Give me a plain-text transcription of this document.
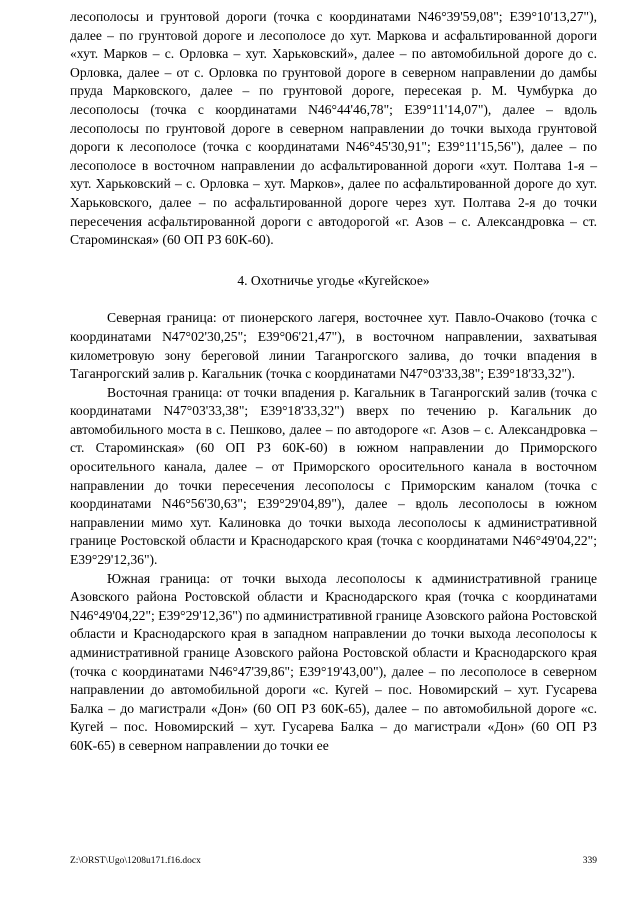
лесополосы и грунтовой дороги (точка с координатами N46°39'59,08"; E39°10'13,27"), далее – по грунтовой дороге и лесополосе до хут. Маркова и асфальтированной дороги «хут. Марков – с. Орловка – хут. Харьковский», далее – по автомобильной дороге до с. Орловка, далее – от с. Орловка по грунтовой дороге в северном направлении до дамбы пруда Марковского, далее – по грунтовой дороге, пересекая р. М. Чумбурка до лесополосы (точка с координатами N46°44'46,78"; E39°11'14,07"), далее – вдоль лесополосы по грунтовой дороге в северном направлении до точки выхода грунтовой дороги к лесополосе (точка с координатами N46°45'30,91"; E39°11'15,56"), далее – по лесополосе в восточном направлении до асфальтированной дороги «хут. Полтава 1-я – хут. Харьковский – с. Орловка – хут. Марков», далее по асфальтированной дороге до хут. Харьковского, далее – по асфальтированной дороге через хут. Полтава 2-я до точки пересечения асфальтированной дороги с автодорогой «г. Азов – с. Александровка – ст. Староминская» (60 ОП РЗ 60К-60).

4. Охотничье угодье «Кугейское»

Северная граница: от пионерского лагеря, восточнее хут. Павло-Очаково (точка с координатами N47°02'30,25"; E39°06'21,47"), в восточном направлении, захватывая километровую зону береговой линии Таганрогского залива, до точки впадения в Таганрогский залив р. Кагальник (точка с координатами N47°03'33,38"; E39°18'33,32").

Восточная граница: от точки впадения р. Кагальник в Таганрогский залив (точка с координатами N47°03'33,38"; E39°18'33,32") вверх по течению р. Кагальник до автомобильного моста в с. Пешково, далее – по автодороге «г. Азов – с. Александровка – ст. Староминская» (60 ОП РЗ 60К-60) в южном направлении до Приморского оросительного канала, далее – от Приморского оросительного канала в восточном направлении до точки пересечения лесополосы с Приморским каналом (точка с координатами N46°56'30,63"; E39°29'04,89"), далее – вдоль лесополосы в южном направлении мимо хут. Калиновка до точки выхода лесополосы к административной границе Ростовской области и Краснодарского края (точка с координатами N46°49'04,22"; E39°29'12,36").

Южная граница: от точки выхода лесополосы к административной границе Азовского района Ростовской области и Краснодарского края (точка с координатами N46°49'04,22"; E39°29'12,36") по административной границе Азовского района Ростовской области и Краснодарского края в западном направлении до точки выхода лесополосы к административной границе Азовского района Ростовской области и Краснодарского края (точка с координатами N46°47'39,86"; E39°19'43,00"), далее – по лесополосе в северном направлении до автомобильной дороги «с. Кугей – пос. Новомирский – хут. Гусарева Балка – до магистрали «Дон» (60 ОП РЗ 60К-65), далее – по автомобильной дороге «с. Кугей – пос. Новомирский – хут. Гусарева Балка – до магистрали «Дон» (60 ОП РЗ 60К-65) в северном направлении до точки ее

Z:\ORST\Ugo\1208u171.f16.docx	339
